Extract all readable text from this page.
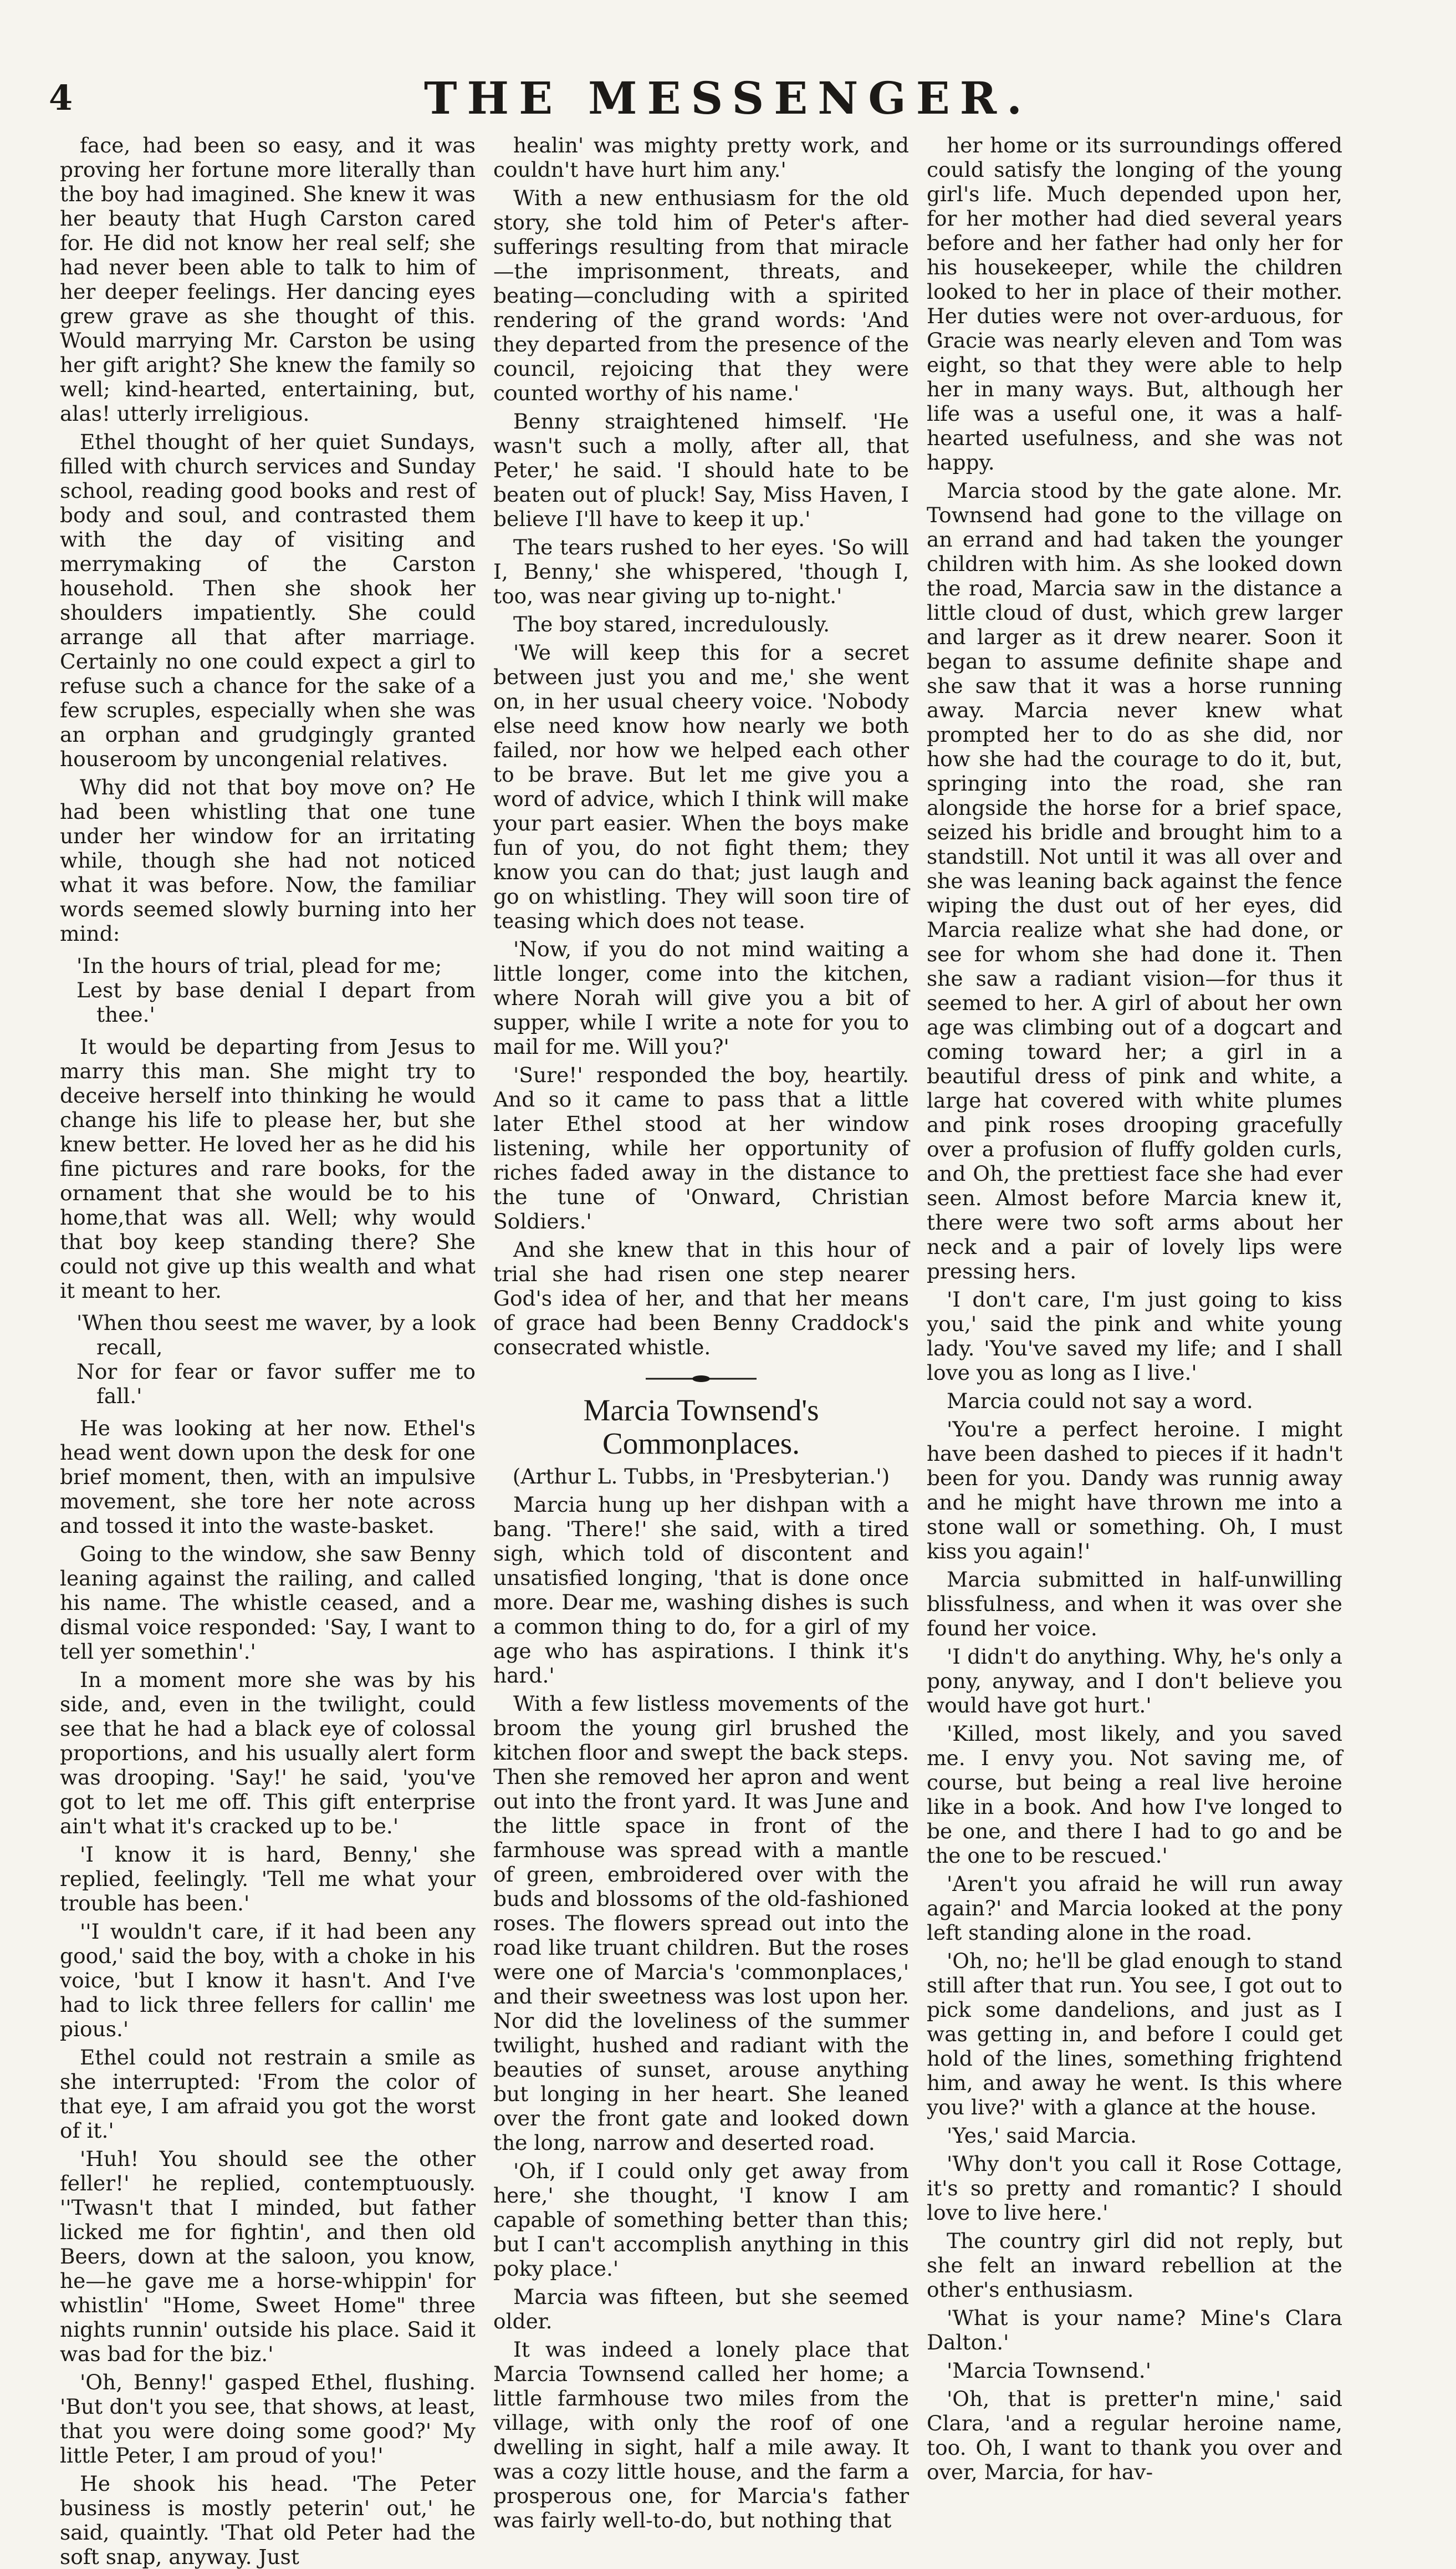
4	THE MESSENGER.

face, had been so easy, and it was proving her fortune more literally than the boy had imagined. She knew it was her beauty that Hugh Carston cared for. He did not know her real self; she had never been able to talk to him of her deeper feelings. Her dancing eyes grew grave as she thought of this. Would marrying Mr. Carston be using her gift aright? She knew the family so well; kind-hearted, entertaining, but, alas! utterly irreligious.

Ethel thought of her quiet Sundays, filled with church services and Sunday school, reading good books and rest of body and soul, and contrasted them with the day of visiting and merrymaking of the Carston household. Then she shook her shoulders impatiently. She could arrange all that after marriage. Certainly no one could expect a girl to refuse such a chance for the sake of a few scruples, especially when she was an orphan and grudgingly granted houseroom by uncongenial relatives.

Why did not that boy move on? He had been whistling that one tune under her window for an irritating while, though she had not noticed what it was before. Now, the familiar words seemed slowly burning into her mind:

'In the hours of trial, plead for me;
Lest by base denial I depart from thee.'

It would be departing from Jesus to marry this man. She might try to deceive herself into thinking he would change his life to please her, but she knew better. He loved her as he did his fine pictures and rare books, for the ornament that she would be to his home,that was all. Well; why would that boy keep standing there? She could not give up this wealth and what it meant to her.

'When thou seest me waver, by a look recall,
Nor for fear or favor suffer me to fall.'

He was looking at her now. Ethel's head went down upon the desk for one brief moment, then, with an impulsive movement, she tore her note across and tossed it into the waste-basket.

Going to the window, she saw Benny leaning against the railing, and called his name. The whistle ceased, and a dismal voice responded: 'Say, I want to tell yer somethin'.'

In a moment more she was by his side, and, even in the twilight, could see that he had a black eye of colossal proportions, and his usually alert form was drooping. 'Say!' he said, 'you've got to let me off. This gift enterprise ain't what it's cracked up to be.'

'I know it is hard, Benny,' she replied, feelingly. 'Tell me what your trouble has been.'

''I wouldn't care, if it had been any good,' said the boy, with a choke in his voice, 'but I know it hasn't. And I've had to lick three fellers for callin' me pious.'

Ethel could not restrain a smile as she interrupted: 'From the color of that eye, I am afraid you got the worst of it.'

'Huh! You should see the other feller!' he replied, contemptuously. ''Twasn't that I minded, but father licked me for fightin', and then old Beers, down at the saloon, you know, he—he gave me a horse-whippin' for whistlin' "Home, Sweet Home" three nights runnin' outside his place. Said it was bad for the biz.'

'Oh, Benny!' gasped Ethel, flushing. 'But don't you see, that shows, at least, that you were doing some good?' My little Peter, I am proud of you!'

He shook his head. 'The Peter business is mostly peterin' out,' he said, quaintly. 'That old Peter had the soft snap, anyway. Just

healin' was mighty pretty work, and couldn't have hurt him any.'

With a new enthusiasm for the old story, she told him of Peter's after-sufferings resulting from that miracle—the imprisonment, threats, and beating—concluding with a spirited rendering of the grand words: 'And they departed from the presence of the council, rejoicing that they were counted worthy of his name.'

Benny straightened himself. 'He wasn't such a molly, after all, that Peter,' he said. 'I should hate to be beaten out of pluck! Say, Miss Haven, I believe I'll have to keep it up.'

The tears rushed to her eyes. 'So will I, Benny,' she whispered, 'though I, too, was near giving up to-night.'

The boy stared, incredulously.

'We will keep this for a secret between just you and me,' she went on, in her usual cheery voice. 'Nobody else need know how nearly we both failed, nor how we helped each other to be brave. But let me give you a word of advice, which I think will make your part easier. When the boys make fun of you, do not fight them; they know you can do that; just laugh and go on whistling. They will soon tire of teasing which does not tease.

'Now, if you do not mind waiting a little longer, come into the kitchen, where Norah will give you a bit of supper, while I write a note for you to mail for me. Will you?'

'Sure!' responded the boy, heartily. And so it came to pass that a little later Ethel stood at her window listening, while her opportunity of riches faded away in the distance to the tune of 'Onward, Christian Soldiers.'

And she knew that in this hour of trial she had risen one step nearer God's idea of her, and that her means of grace had been Benny Craddock's consecrated whistle.

Marcia Townsend's Commonplaces.

(Arthur L. Tubbs, in 'Presbyterian.')

Marcia hung up her dishpan with a bang. 'There!' she said, with a tired sigh, which told of discontent and unsatisfied longing, 'that is done once more. Dear me, washing dishes is such a common thing to do, for a girl of my age who has aspirations. I think it's hard.'

With a few listless movements of the broom the young girl brushed the kitchen floor and swept the back steps. Then she removed her apron and went out into the front yard. It was June and the little space in front of the farmhouse was spread with a mantle of green, embroidered over with the buds and blossoms of the old-fashioned roses. The flowers spread out into the road like truant children. But the roses were one of Marcia's 'commonplaces,' and their sweetness was lost upon her. Nor did the loveliness of the summer twilight, hushed and radiant with the beauties of sunset, arouse anything but longing in her heart. She leaned over the front gate and looked down the long, narrow and deserted road.

'Oh, if I could only get away from here,' she thought, 'I know I am capable of something better than this; but I can't accomplish anything in this poky place.'

Marcia was fifteen, but she seemed older.

It was indeed a lonely place that Marcia Townsend called her home; a little farmhouse two miles from the village, with only the roof of one dwelling in sight, half a mile away. It was a cozy little house, and the farm a prosperous one, for Marcia's father was fairly well-to-do, but nothing that

her home or its surroundings offered could satisfy the longing of the young girl's life. Much depended upon her, for her mother had died several years before and her father had only her for his housekeeper, while the children looked to her in place of their mother. Her duties were not over-arduous, for Gracie was nearly eleven and Tom was eight, so that they were able to help her in many ways. But, although her life was a useful one, it was a half-hearted usefulness, and she was not happy.

Marcia stood by the gate alone. Mr. Townsend had gone to the village on an errand and had taken the younger children with him. As she looked down the road, Marcia saw in the distance a little cloud of dust, which grew larger and larger as it drew nearer. Soon it began to assume definite shape and she saw that it was a horse running away. Marcia never knew what prompted her to do as she did, nor how she had the courage to do it, but, springing into the road, she ran alongside the horse for a brief space, seized his bridle and brought him to a standstill. Not until it was all over and she was leaning back against the fence wiping the dust out of her eyes, did Marcia realize what she had done, or see for whom she had done it. Then she saw a radiant vision—for thus it seemed to her. A girl of about her own age was climbing out of a dogcart and coming toward her; a girl in a beautiful dress of pink and white, a large hat covered with white plumes and pink roses drooping gracefully over a profusion of fluffy golden curls, and Oh, the prettiest face she had ever seen. Almost before Marcia knew it, there were two soft arms about her neck and a pair of lovely lips were pressing hers.

'I don't care, I'm just going to kiss you,' said the pink and white young lady. 'You've saved my life; and I shall love you as long as I live.'

Marcia could not say a word.

'You're a perfect heroine. I might have been dashed to pieces if it hadn't been for you. Dandy was runnig away and he might have thrown me into a stone wall or something. Oh, I must kiss you again!'

Marcia submitted in half-unwilling blissfulness, and when it was over she found her voice.

'I didn't do anything. Why, he's only a pony, anyway, and I don't believe you would have got hurt.'

'Killed, most likely, and you saved me. I envy you. Not saving me, of course, but being a real live heroine like in a book. And how I've longed to be one, and there I had to go and be the one to be rescued.'

'Aren't you afraid he will run away again?' and Marcia looked at the pony left standing alone in the road.

'Oh, no; he'll be glad enough to stand still after that run. You see, I got out to pick some dandelions, and just as I was getting in, and before I could get hold of the lines, something frightend him, and away he went. Is this where you live?' with a glance at the house.

'Yes,' said Marcia.

'Why don't you call it Rose Cottage, it's so pretty and romantic? I should love to live here.'

The country girl did not reply, but she felt an inward rebellion at the other's enthusiasm.

'What is your name? Mine's Clara Dalton.'

'Marcia Townsend.'

'Oh, that is pretter'n mine,' said Clara, 'and a regular heroine name, too. Oh, I want to thank you over and over, Marcia, for hav-
